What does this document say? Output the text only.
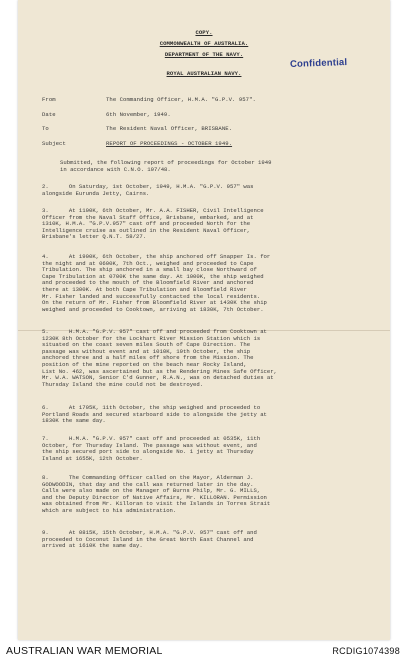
COPY.
COMMONWEALTH OF AUSTRALIA.
DEPARTMENT OF THE NAVY.
ROYAL AUSTRALIAN NAVY.
Confidential
From	The Commanding Officer, H.M.A. "G.P.V. 957".
Date	6th November, 1949.
To	The Resident Naval Officer, BRISBANE.
Subject	REPORT OF PROCEEDINGS - OCTOBER 1949.
Submitted, the following report of proceedings for October 1949
in accordance with C.N.O. 107/48.
2.      On Saturday, 1st October, 1949, H.M.A. "G.P.V. 957" was
alongside Eurunda Jetty, Cairns.
3.      At 1100K, 6th October, Mr. A.A. FISHER, Civil Intelligence
Officer from the Naval Staff Office, Brisbane, embarked, and at
1310K, H.M.A. "G.P.V.957" cast off and proceeded North for the
Intelligence cruise as outlined in the Resident Naval Officer,
Brisbane's letter Q.N.T. 58/27.
4.      At 1900K, 6th October, the ship anchored off Snapper Is. for
the night and at 0600K, 7th Oct., weighed and proceeded to Cape
Tribulation. The ship anchored in a small bay close Northward of
Cape Tribulation at 0700K the same day. At 1000K, the ship weighed
and proceeded to the mouth of the Bloomfield River and anchored
there at 1300K. At both Cape Tribulation and Bloomfield River
Mr. Fisher landed and successfully contacted the local residents.
On the return of Mr. Fisher from Bloomfield River at 1430K the ship
weighed and proceeded to Cooktown, arriving at 1830K, 7th October.
5.      H.M.A. "G.P.V. 957" cast off and proceeded from Cooktown at
1230K 8th October for the Lockhart River Mission Station which is
situated on the coast seven miles South of Cape Direction. The
passage was without event and at 1010K, 10th October, the ship
anchored three and a half miles off shore from the Mission. The
position of the mine reported on the beach near Rocky Island,
List No. 462, was ascertained but as the Rendering Mines Safe Officer,
Mr. W.A. WATSON, Senior C'd Gunner, R.A.N., was on detached duties at
Thursday Island the mine could not be destroyed.
6.      At 1705K, 11th October, the ship weighed and proceeded to
Portland Roads and secured starboard side to alongside the jetty at
1830K the same day.
7.      H.M.A. "G.P.V. 957" cast off and proceeded at 0535K, 11th
October, for Thursday Island. The passage was without event, and
the ship secured port side to alongside No. 1 jetty at Thursday
Island at 1655K, 12th October.
8.      The Commanding Officer called on the Mayor, Alderman J.
GODWOODIN, that day and the call was returned later in the day.
Calls were also made on the Manager of Burns Philp, Mr. G. MILLS,
and the Deputy Director of Native Affairs, Mr. KILLORAN. Permission
was obtained from Mr. Killoran to visit the Islands in Torres Strait
which are subject to his administration.
9.      At 0815K, 15th October, H.M.A. "G.P.V. 957" cast off and
proceeded to Coconut Island in the Great North East Channel and
arrived at 1610K the same day.
AUSTRALIAN WAR MEMORIAL	RCDIG1074398
